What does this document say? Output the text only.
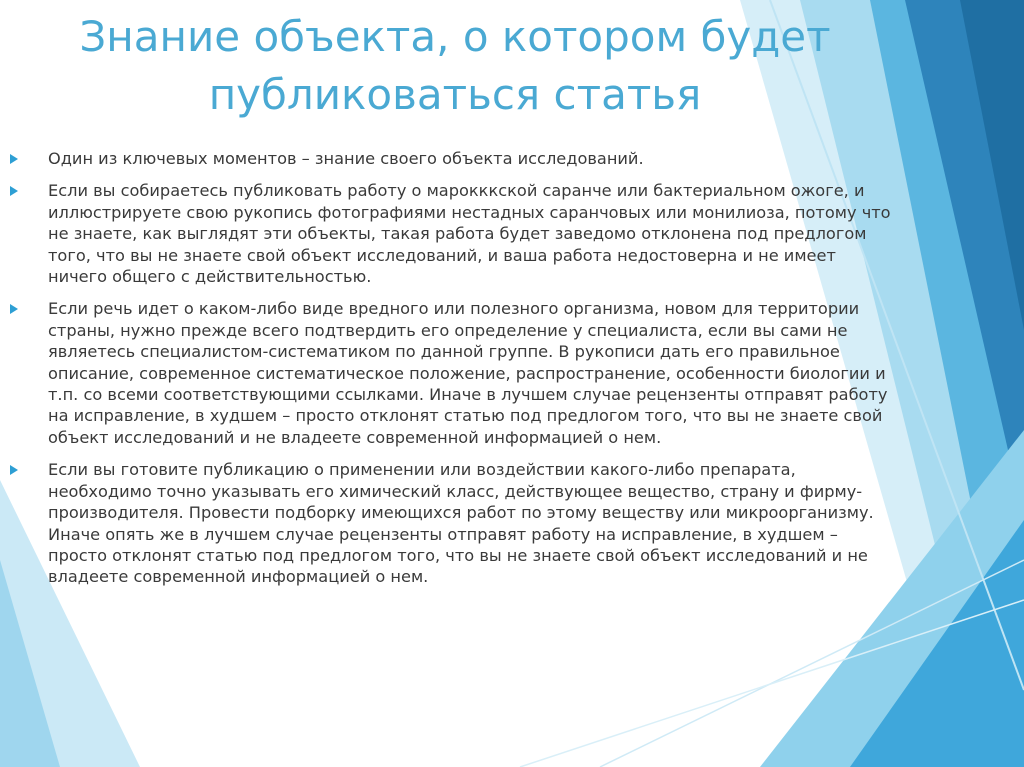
Знание объекта, о котором будет публиковаться статья
Один из ключевых моментов – знание своего объекта исследований.
Если вы собираетесь публиковать работу о марокккской саранче или бактериальном ожоге, и иллюстрируете свою рукопись фотографиями нестадных саранчовых или монилиоза, потому что не знаете, как выглядят эти объекты, такая работа будет заведомо отклонена под предлогом того, что вы не знаете свой объект исследований, и ваша работа недостоверна и не имеет ничего общего с действительностью.
Если речь идет о каком-либо виде вредного или полезного организма, новом для территории страны, нужно прежде всего подтвердить его определение у специалиста, если вы сами не являетесь специалистом-систематиком по данной группе. В рукописи дать его правильное описание, современное систематическое положение, распространение, особенности биологии и т.п. со всеми соответствующими ссылками. Иначе в лучшем случае рецензенты отправят работу на исправление, в худшем – просто отклонят статью под предлогом того, что вы не знаете свой объект исследований и не владеете современной информацией о нем.
Если вы готовите публикацию о применении или воздействии какого-либо препарата, необходимо точно указывать его химический класс, действующее вещество, страну и фирму-производителя. Провести подборку имеющихся работ по этому веществу или микроорганизму. Иначе опять же в лучшем случае рецензенты отправят работу на исправление, в худшем – просто отклонят статью под предлогом того, что вы не знаете свой объект исследований и не владеете современной информацией о нем.
